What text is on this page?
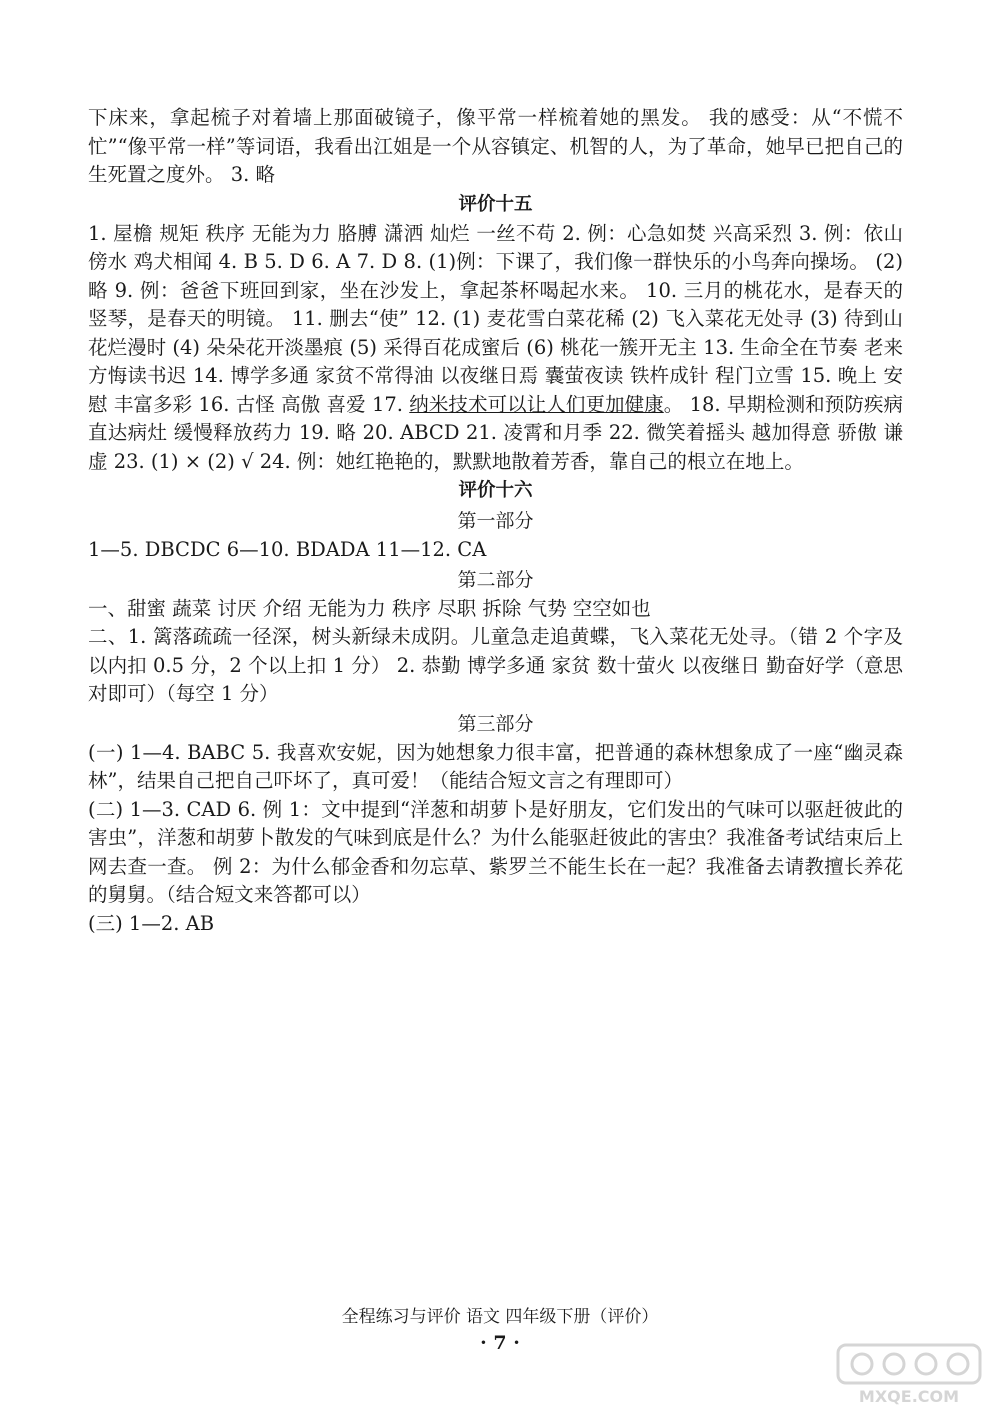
下床来，拿起梳子对着墙上那面破镜子，像平常一样梳着她的黑发。 我的感受：从“不慌不忙”“像平常一样”等词语，我看出江姐是一个从容镇定、机智的人，为了革命，她早已把自己的生死置之度外。 3. 略

评价十五

1. 屋檐 规矩 秩序 无能为力 胳膊 潇洒 灿烂 一丝不苟 2. 例：心急如焚 兴高采烈 3. 例：依山傍水 鸡犬相闻 4. B 5. D 6. A 7. D 8. (1)例：下课了，我们像一群快乐的小鸟奔向操场。 (2)略 9. 例：爸爸下班回到家，坐在沙发上，拿起茶杯喝起水来。 10. 三月的桃花水，是春天的竖琴，是春天的明镜。 11. 删去“使” 12. (1) 麦花雪白菜花稀 (2) 飞入菜花无处寻 (3) 待到山花烂漫时 (4) 朵朵花开淡墨痕 (5) 采得百花成蜜后 (6) 桃花一簇开无主 13. 生命全在节奏 老来方悔读书迟 14. 博学多通 家贫不常得油 以夜继日焉 囊萤夜读 铁杵成针 程门立雪 15. 晚上 安慰 丰富多彩 16. 古怪 高傲 喜爱 17. 纳米技术可以让人们更加健康。 18. 早期检测和预防疾病 直达病灶 缓慢释放药力 19. 略 20. ABCD 21. 凌霄和月季 22. 微笑着摇头 越加得意 骄傲 谦虚 23. (1) × (2) √ 24. 例：她红艳艳的，默默地散着芳香，靠自己的根立在地上。

评价十六

第一部分

1—5. DBCDC 6—10. BDADA 11—12. CA

第二部分

一、甜蜜 蔬菜 讨厌 介绍 无能为力 秩序 尽职 拆除 气势 空空如也

二、1. 篱落疏疏一径深，树头新绿未成阴。儿童急走追黄蝶，飞入菜花无处寻。（错 2 个字及以内扣 0.5 分，2 个以上扣 1 分） 2. 恭勤 博学多通 家贫 数十萤火 以夜继日 勤奋好学（意思对即可）（每空 1 分）

第三部分

(一) 1—4. BABC 5. 我喜欢安妮，因为她想象力很丰富，把普通的森林想象成了一座“幽灵森林”，结果自己把自己吓坏了，真可爱！（能结合短文言之有理即可）

(二) 1—3. CAD 6. 例 1：文中提到“洋葱和胡萝卜是好朋友，它们发出的气味可以驱赶彼此的害虫”，洋葱和胡萝卜散发的气味到底是什么？为什么能驱赶彼此的害虫？我准备考试结束后上网去查一查。 例 2：为什么郁金香和勿忘草、紫罗兰不能生长在一起？我准备去请教擅长养花的舅舅。（结合短文来答都可以）

(三) 1—2. AB

全程练习与评价 语文 四年级下册（评价）
· 7 ·
MXQE.COM
